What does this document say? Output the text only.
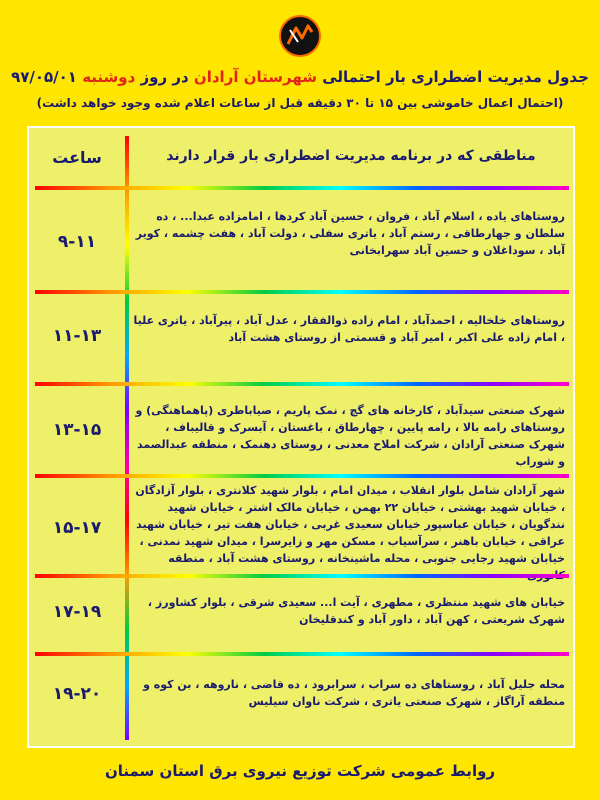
جدول مدیریت اضطراری بار احتمالی شهرستان آرادان در روز دوشنبه ۹۷/۰۵/۰۱
(احتمال اعمال خاموشی بین ۱۵ تا ۳۰ دقیقه قبل از ساعات اعلام شده وجود خواهد داشت)
مناطقی که در برنامه مدیریت اضطراری بار قرار دارند
ساعت
روستاهای یاده ، اسلام آباد ، فروان ، حسین آباد کردها ، امامزاده عبدا... ، ده سلطان و جهارطاقی ، رستم آباد ، یاتری سفلی ، دولت آباد ، هفت چشمه ، کویر آباد ، سوداغلان و حسین آباد سهرابخانی
۹-۱۱
روستاهای خلخالیه ، احمدآباد ، امام زاده ذوالفقار ، عدل آباد ، پیرآباد ، یاتری علیا ، امام زاده علی اکبر ، امیر آباد و قسمتی از روستای هشت آباد
۱۱-۱۳
شهرک صنعتی سیدآباد ، کارخانه های گچ ، نمک پاریم ، صیاباطری (پاهماهنگی) و روستاهای رامه بالا ، رامه پایین ، چهارطاق ، باغستان ، آبسرک و قالیباف ، شهرک صنعتی آرادان ، شرکت املاح معدنی ، روستای دهنمک ، منطقه عبدالصمد و شوراب
۱۳-۱۵
شهر آرادان شامل بلوار انقلاب ، میدان امام ، بلوار شهید کلانتری ، بلوار آزادگان ، خیابان شهید بهشتی ، خیابان ۲۲ بهمن ، خیابان مالک اشتر ، خیابان شهید نندگویان ، خیابان عباسپور خیابان سعیدی غربی ، خیابان هفت تیر ، خیابان شهید عراقی ، خیابان باهنر ، سرآسیاب ، مسکن مهر و زایرسرا ، میدان شهید نمدنی ، خیابان شهید رجایی جنوبی ، محله ماشینخانه ، روستای هشت آباد ، منطقه
۱۵-۱۷
خیابان های شهید منتظری ، مطهری ، آیت ا... سعیدی شرقی ، بلوار کشاورز ، شهرک شریعتی ، کهن آباد ، داور آباد و کندقلیخان
۱۷-۱۹
محله جلیل آباد ، روستاهای ده سراب ، سرابرود ، ده قاضی ، ناروهه ، بن کوه و منطقه آراگاز ، شهرک صنعتی یاتری ، شرکت ناوان سیلیس
۱۹-۲۰
روابط عمومی شرکت توزیع نیروی برق استان سمنان
